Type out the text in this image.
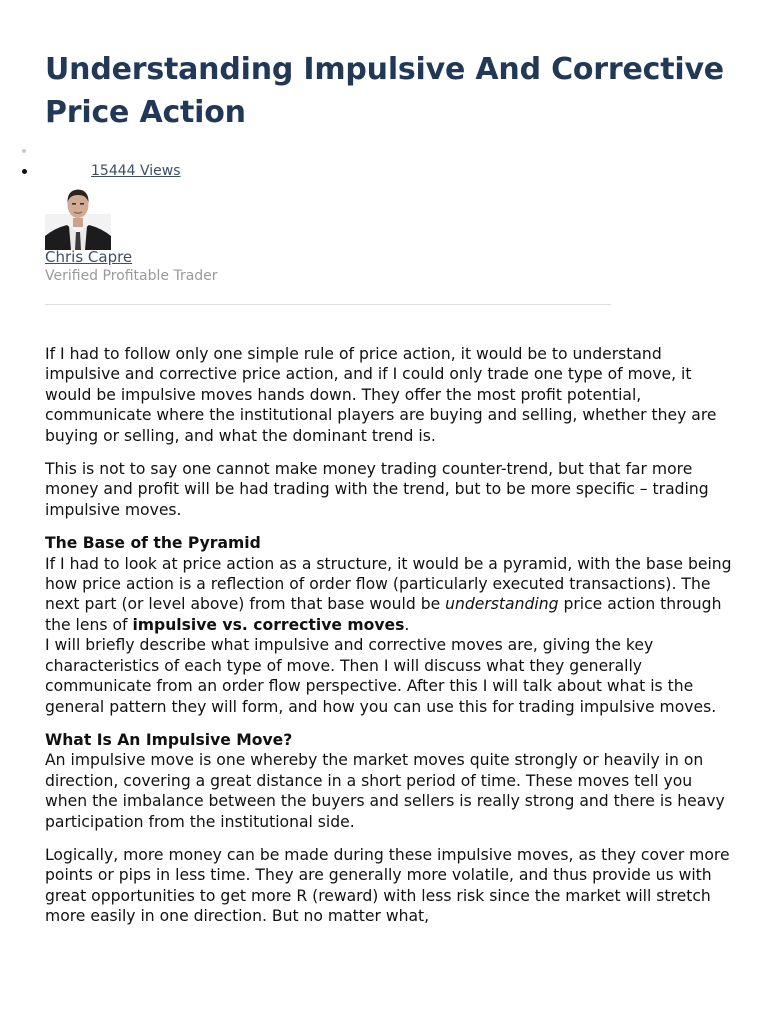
Understanding Impulsive And Corrective Price Action
15444 Views
Chris Capre
Verified Profitable Trader

If I had to follow only one simple rule of price action, it would be to understand impulsive and corrective price action, and if I could only trade one type of move, it would be impulsive moves hands down. They offer the most profit potential, communicate where the institutional players are buying and selling, whether they are buying or selling, and what the dominant trend is.

This is not to say one cannot make money trading counter-trend, but that far more money and profit will be had trading with the trend, but to be more specific – trading impulsive moves.

The Base of the Pyramid

If I had to look at price action as a structure, it would be a pyramid, with the base being how price action is a reflection of order flow (particularly executed transactions). The next part (or level above) from that base would be understanding price action through the lens of impulsive vs. corrective moves.

I will briefly describe what impulsive and corrective moves are, giving the key characteristics of each type of move. Then I will discuss what they generally communicate from an order flow perspective. After this I will talk about what is the general pattern they will form, and how you can use this for trading impulsive moves.

What Is An Impulsive Move?

An impulsive move is one whereby the market moves quite strongly or heavily in on direction, covering a great distance in a short period of time. These moves tell you when the imbalance between the buyers and sellers is really strong and there is heavy participation from the institutional side.

Logically, more money can be made during these impulsive moves, as they cover more points or pips in less time. They are generally more volatile, and thus provide us with great opportunities to get more R (reward) with less risk since the market will stretch more easily in one direction. But no matter what,
